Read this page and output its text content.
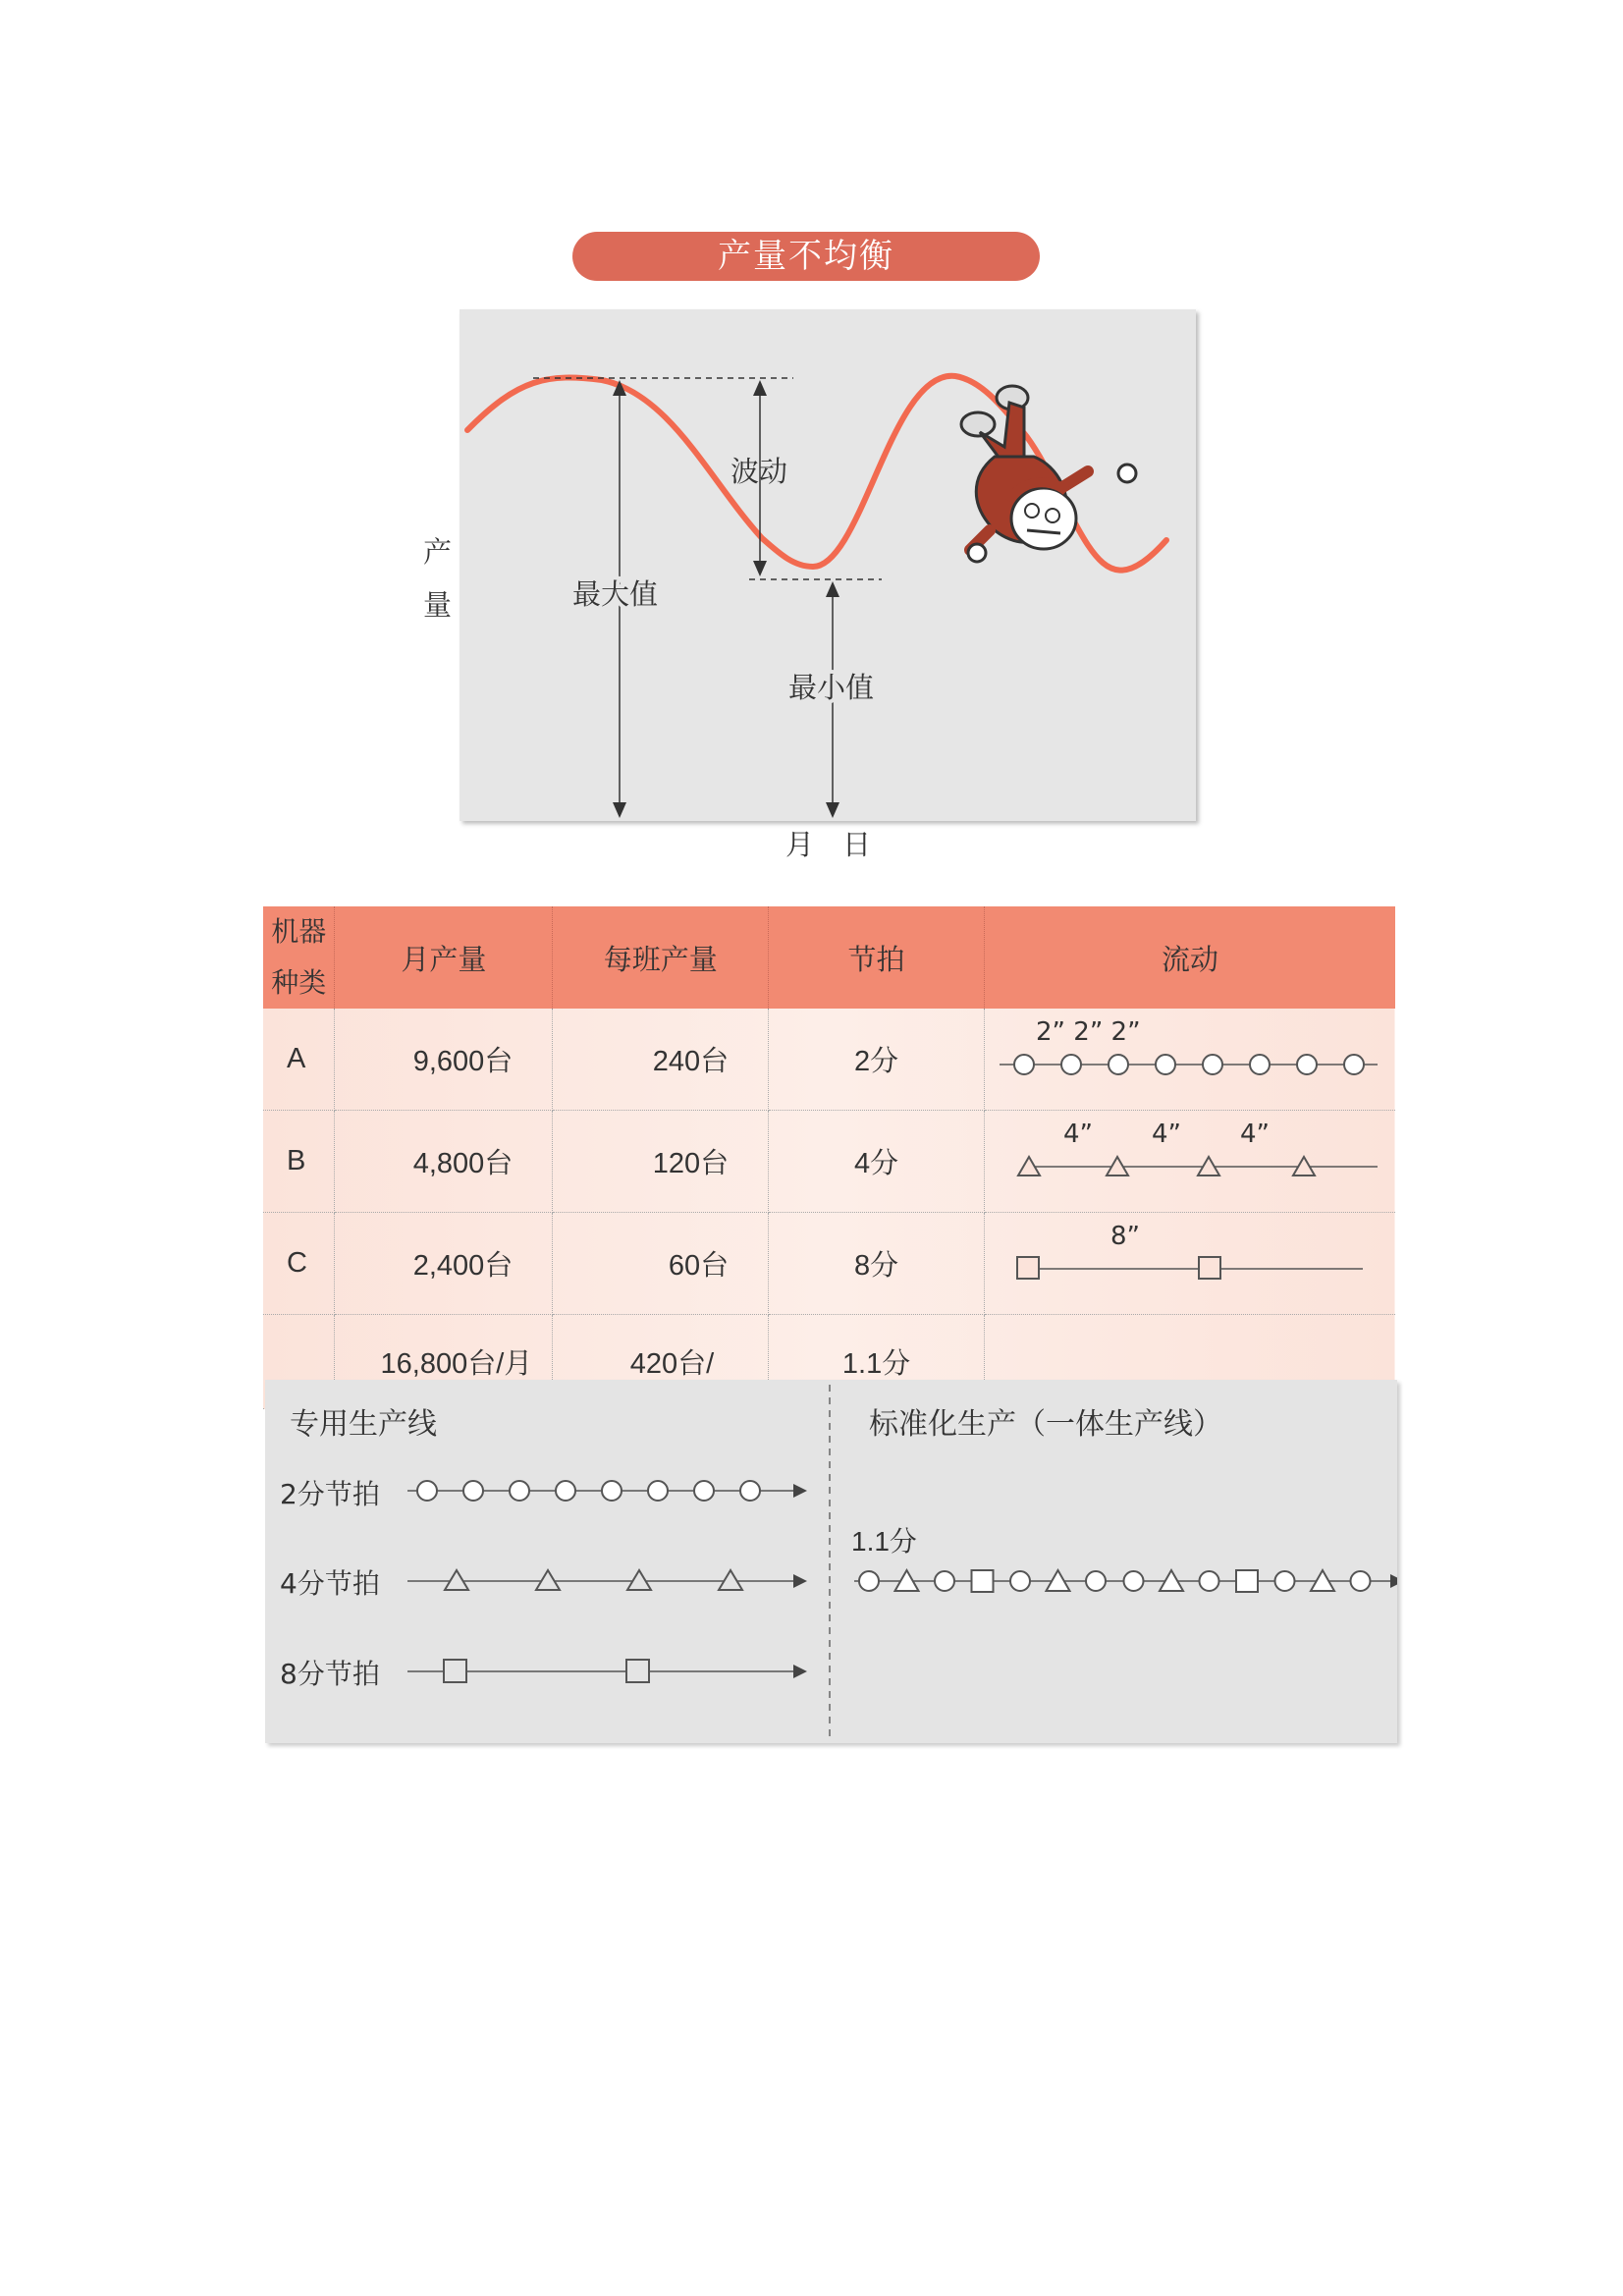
产量不均衡
波动
最大值
最小值
产
量
月　日
机器
种类	月产量	每班产量	节拍	流动
A	9,600台	240台	2分	2” 2” 2”

B	4,800台	120台	4分	4” 4” 4”

C	2,400台	60台	8分	8”

	16,800台/月	420台/	1.1分	
专用生产线	标准化生产（一体生产线）
2分节拍
4分节拍
8分节拍
1.1分
